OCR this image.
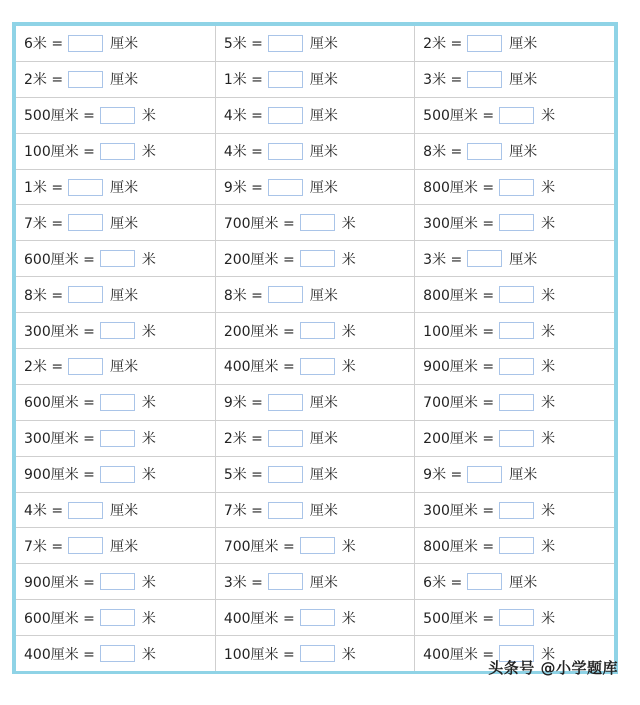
6米 = 厘米	5米 = 厘米	2米 = 厘米
2米 = 厘米	1米 = 厘米	3米 = 厘米
500厘米 = 米	4米 = 厘米	500厘米 = 米
100厘米 = 米	4米 = 厘米	8米 = 厘米
1米 = 厘米	9米 = 厘米	800厘米 = 米
7米 = 厘米	700厘米 = 米	300厘米 = 米
600厘米 = 米	200厘米 = 米	3米 = 厘米
8米 = 厘米	8米 = 厘米	800厘米 = 米
300厘米 = 米	200厘米 = 米	100厘米 = 米
2米 = 厘米	400厘米 = 米	900厘米 = 米
600厘米 = 米	9米 = 厘米	700厘米 = 米
300厘米 = 米	2米 = 厘米	200厘米 = 米
900厘米 = 米	5米 = 厘米	9米 = 厘米
4米 = 厘米	7米 = 厘米	300厘米 = 米
7米 = 厘米	700厘米 = 米	800厘米 = 米
900厘米 = 米	3米 = 厘米	6米 = 厘米
600厘米 = 米	400厘米 = 米	500厘米 = 米
400厘米 = 米	100厘米 = 米	400厘米 = 米
头条号 @小学题库
